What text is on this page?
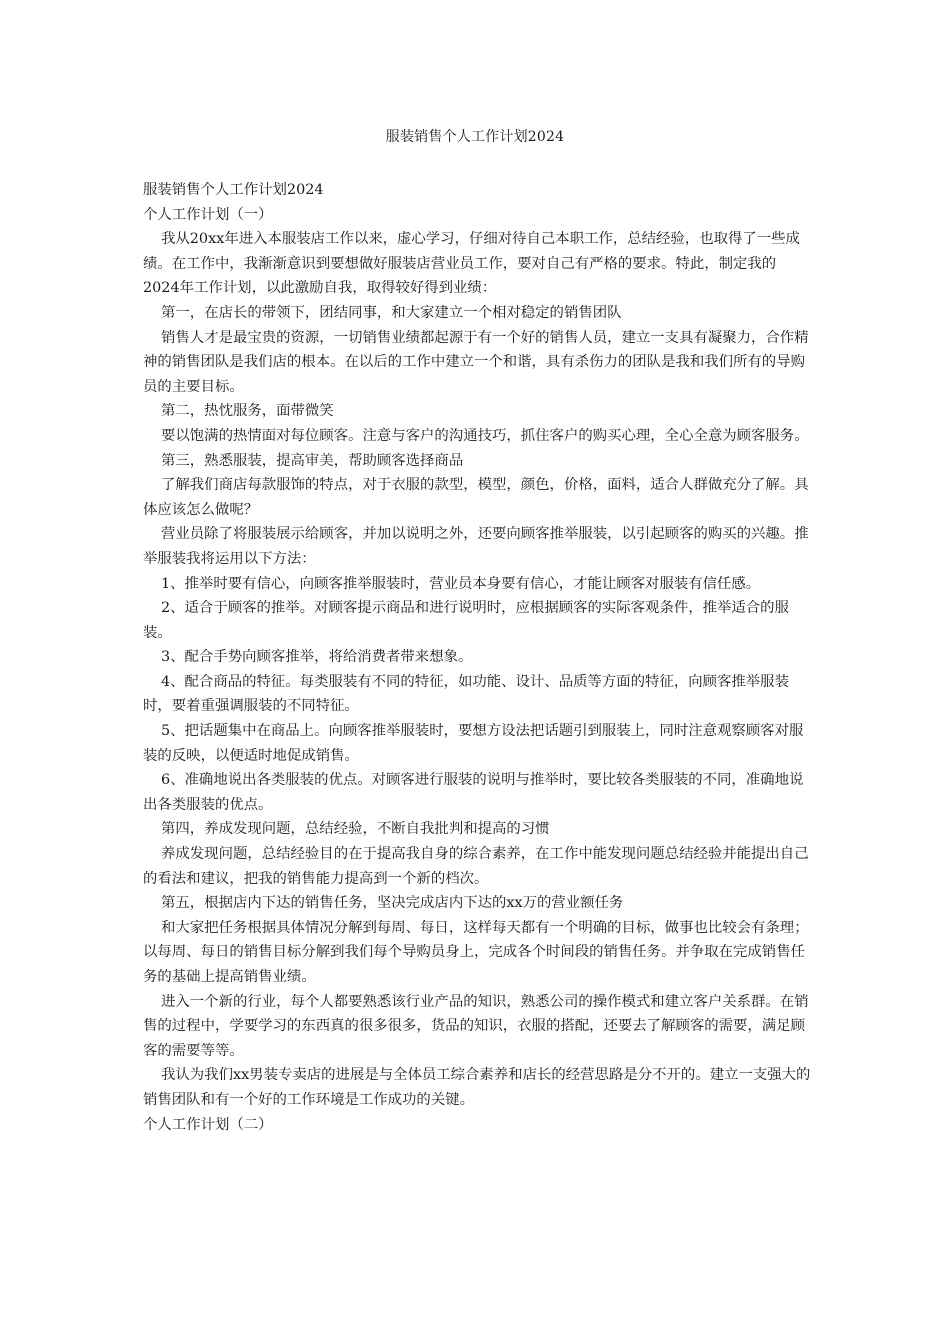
服装销售个人工作计划2024

服装销售个人工作计划2024

个人工作计划（一）

我从20xx年进入本服装店工作以来，虚心学习，仔细对待自己本职工作，总结经验，也取得了一些成绩。在工作中，我渐渐意识到要想做好服装店营业员工作，要对自己有严格的要求。特此，制定我的2024年工作计划，以此激励自我，取得较好得到业绩：

第一，在店长的带领下，团结同事，和大家建立一个相对稳定的销售团队

销售人才是最宝贵的资源，一切销售业绩都起源于有一个好的销售人员，建立一支具有凝聚力，合作精神的销售团队是我们店的根本。在以后的工作中建立一个和谐，具有杀伤力的团队是我和我们所有的导购员的主要目标。

第二，热忱服务，面带微笑

要以饱满的热情面对每位顾客。注意与客户的沟通技巧，抓住客户的购买心理，全心全意为顾客服务。

第三，熟悉服装，提高审美，帮助顾客选择商品

了解我们商店每款服饰的特点，对于衣服的款型，模型，颜色，价格，面料，适合人群做充分了解。具体应该怎么做呢？

营业员除了将服装展示给顾客，并加以说明之外，还要向顾客推举服装，以引起顾客的购买的兴趣。推举服装我将运用以下方法：

1、推举时要有信心，向顾客推举服装时，营业员本身要有信心，才能让顾客对服装有信任感。

2、适合于顾客的推举。对顾客提示商品和进行说明时，应根据顾客的实际客观条件，推举适合的服装。

3、配合手势向顾客推举，将给消费者带来想象。

4、配合商品的特征。每类服装有不同的特征，如功能、设计、品质等方面的特征，向顾客推举服装时，要着重强调服装的不同特征。

5、把话题集中在商品上。向顾客推举服装时，要想方设法把话题引到服装上，同时注意观察顾客对服装的反映，以便适时地促成销售。

6、准确地说出各类服装的优点。对顾客进行服装的说明与推举时，要比较各类服装的不同，准确地说出各类服装的优点。

第四，养成发现问题，总结经验，不断自我批判和提高的习惯

养成发现问题，总结经验目的在于提高我自身的综合素养，在工作中能发现问题总结经验并能提出自己的看法和建议，把我的销售能力提高到一个新的档次。

第五，根据店内下达的销售任务，坚决完成店内下达的xx万的营业额任务

和大家把任务根据具体情况分解到每周、每日，这样每天都有一个明确的目标，做事也比较会有条理；以每周、每日的销售目标分解到我们每个导购员身上，完成各个时间段的销售任务。并争取在完成销售任务的基础上提高销售业绩。

进入一个新的行业，每个人都要熟悉该行业产品的知识，熟悉公司的操作模式和建立客户关系群。在销售的过程中，学要学习的东西真的很多很多，货品的知识，衣服的搭配，还要去了解顾客的需要，满足顾客的需要等等。

我认为我们xx男装专卖店的进展是与全体员工综合素养和店长的经营思路是分不开的。建立一支强大的销售团队和有一个好的工作环境是工作成功的关键。

个人工作计划（二）
